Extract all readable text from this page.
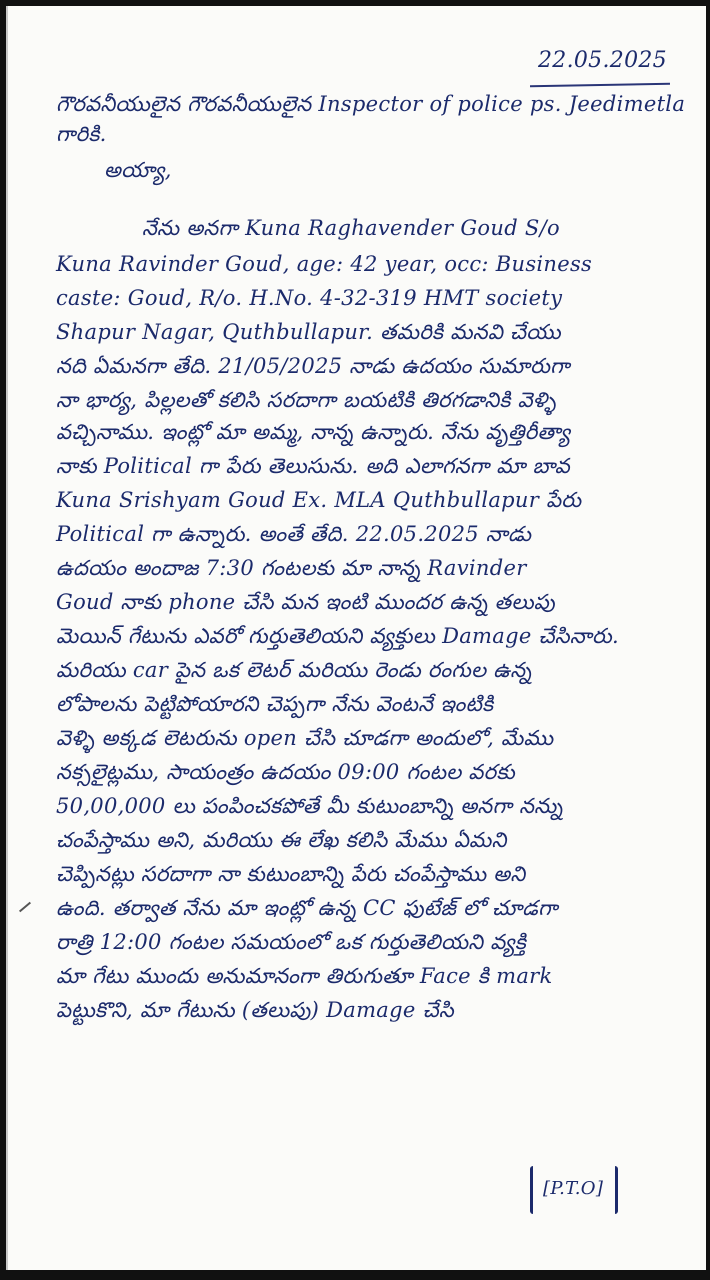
22.05.2025
గౌరవనీయులైన గౌరవనీయులైన Inspector of police ps. Jeedimetla
గారికి.
అయ్యా,
నేను అనగా Kuna Raghavender Goud S/o
Kuna Ravinder Goud, age: 42 year, occ: Business
caste: Goud, R/o. H.No. 4-32-319 HMT society
Shapur Nagar, Quthbullapur. తమరికి మనవి చేయు
నది ఏమనగా తేది. 21/05/2025 నాడు ఉదయం సుమారుగా
నా భార్య, పిల్లలతో కలిసి సరదాగా బయటికి తిరగడానికి వెళ్ళి
వచ్చినాము. ఇంట్లో మా అమ్మ, నాన్న ఉన్నారు. నేను వృత్తిరీత్యా
నాకు Political గా పేరు తెలుసును. అది ఎలాగనగా మా బావ
Kuna Srishyam Goud Ex. MLA Quthbullapur పేరు
Political గా ఉన్నారు. అంతే తేది. 22.05.2025 నాడు
ఉదయం అందాజ 7:30 గంటలకు మా నాన్న Ravinder
Goud నాకు phone చేసి మన ఇంటి ముందర ఉన్న తలుపు
మెయిన్ గేటును ఎవరో గుర్తుతెలియని వ్యక్తులు Damage చేసినారు.
మరియు car పైన ఒక లెటర్ మరియు రెండు రంగుల ఉన్న
లోపాలను పెట్టిపోయారని చెప్పగా నేను వెంటనే ఇంటికి
వెళ్ళి అక్కడ లెటరును open చేసి చూడగా అందులో, మేము
నక్సలైట్లము, సాయంత్రం ఉదయం 09:00 గంటల వరకు
50,00,000 లు పంపించకపోతే మీ కుటుంబాన్ని అనగా నన్ను
చంపేస్తాము అని, మరియు ఈ లేఖ కలిసి మేము ఏమని
చెప్పినట్లు సరదాగా నా కుటుంబాన్ని పేరు చంపేస్తాము అని
ఉంది. తర్వాత నేను మా ఇంట్లో ఉన్న CC ఫుటేజ్ లో చూడగా
రాత్రి 12:00 గంటల సమయంలో ఒక గుర్తుతెలియని వ్యక్తి
మా గేటు ముందు అనుమానంగా తిరుగుతూ Face కి mark
పెట్టుకొని, మా గేటును (తలుపు) Damage చేసి
[P.T.O]
